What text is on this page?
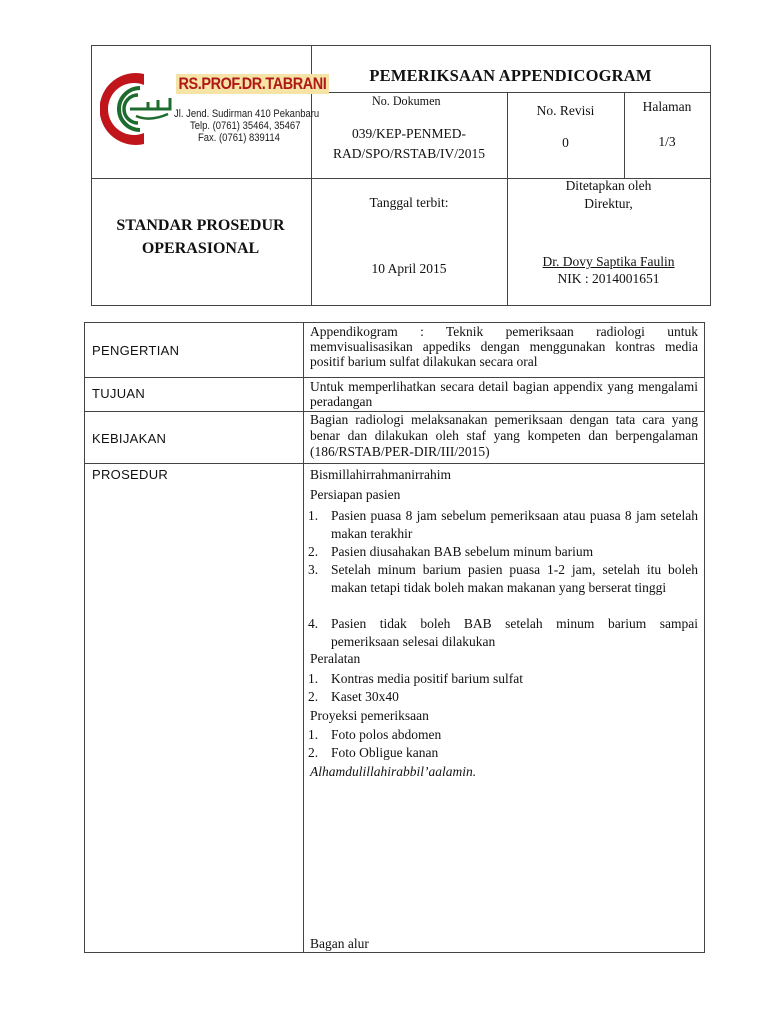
RS.PROF.DR.TABRANI
Jl. Jend. Sudirman 410 Pekanbaru
Telp. (0761) 35464, 35467
Fax. (0761) 839114
PEMERIKSAAN APPENDICOGRAM
No. Dokumen
039/KEP-PENMED-
RAD/SPO/RSTAB/IV/2015
No. Revisi
0
Halaman
1/3
STANDAR PROSEDUR
OPERASIONAL
Tanggal terbit:
10 April 2015
Ditetapkan oleh
Direktur,
Dr. Dovy Saptika Faulin
NIK : 2014001651
PENGERTIAN
Appendikogram : Teknik pemeriksaan radiologi untuk memvisualisasikan appediks dengan menggunakan kontras media positif barium sulfat dilakukan secara oral
TUJUAN	Untuk memperlihatkan secara detail bagian appendix yang mengalami peradangan
KEBIJAKAN
Bagian radiologi melaksanakan pemeriksaan dengan tata cara yang benar dan dilakukan oleh staf yang kompeten dan berpengalaman (186/RSTAB/PER-DIR/III/2015)
PROSEDUR	Bismillahirrahmanirrahim
Persiapan pasien
1. Pasien puasa 8 jam sebelum pemeriksaan atau puasa 8 jam setelah makan terakhir
2. Pasien diusahakan BAB sebelum minum barium
3. Setelah minum barium pasien puasa 1-2 jam, setelah itu boleh makan tetapi tidak boleh makan makanan yang berserat tinggi
4. Pasien tidak boleh BAB setelah minum barium sampai pemeriksaan selesai dilakukan
Peralatan
1. Kontras media positif barium sulfat
2. Kaset 30x40
Proyeksi pemeriksaan
1. Foto polos abdomen
2. Foto Obligue kanan
Alhamdulillahirabbil’aalamin.
Bagan alur
